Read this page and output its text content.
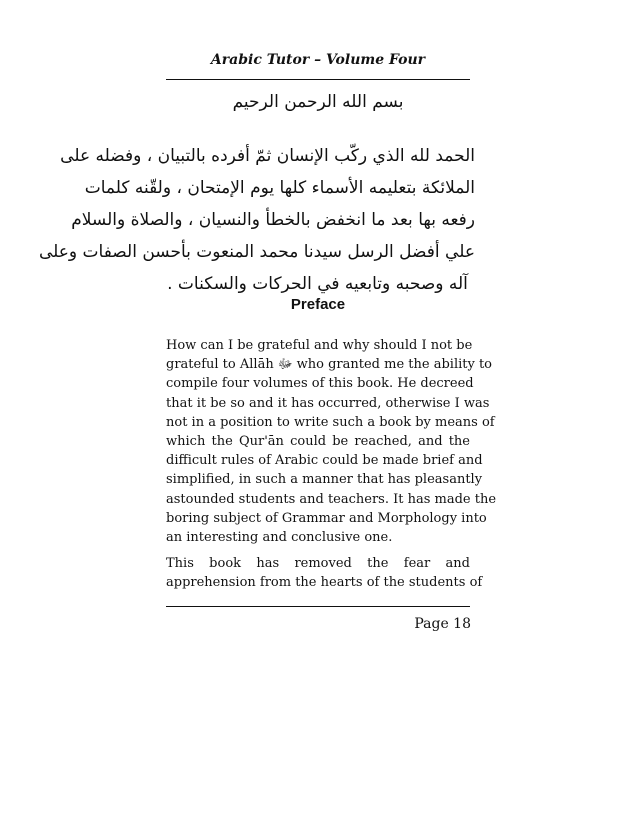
Arabic Tutor – Volume Four
بسم الله الرحمن الرحيم
الحمد لله الذي ركّب الإنسان ثمّ أفرده بالتبيان ، وفضله على
الملائكة بتعليمه الأسماء كلها يوم الإمتحان ، ولقّنه كلمات
رفعه بها بعد ما انخفض بالخطأ والنسيان ، والصلاة والسلام
علي أفضل الرسل سيدنا محمد المنعوت بأحسن الصفات وعلى
آله وصحبه وتابعيه في الحركات والسكنات .
Preface
How can I be grateful and why should I not be
grateful to Allāh ﷻ who granted me the ability to
compile four volumes of this book. He decreed
that it be so and it has occurred, otherwise I was
not in a position to write such a book by means of
which the Qur'ān could be reached, and the
difficult rules of Arabic could be made brief and
simplified, in such a manner that has pleasantly
astounded students and teachers. It has made the
boring subject of Grammar and Morphology into
an interesting and conclusive one.
This book has removed the fear and
apprehension from the hearts of the students of
Page 18
